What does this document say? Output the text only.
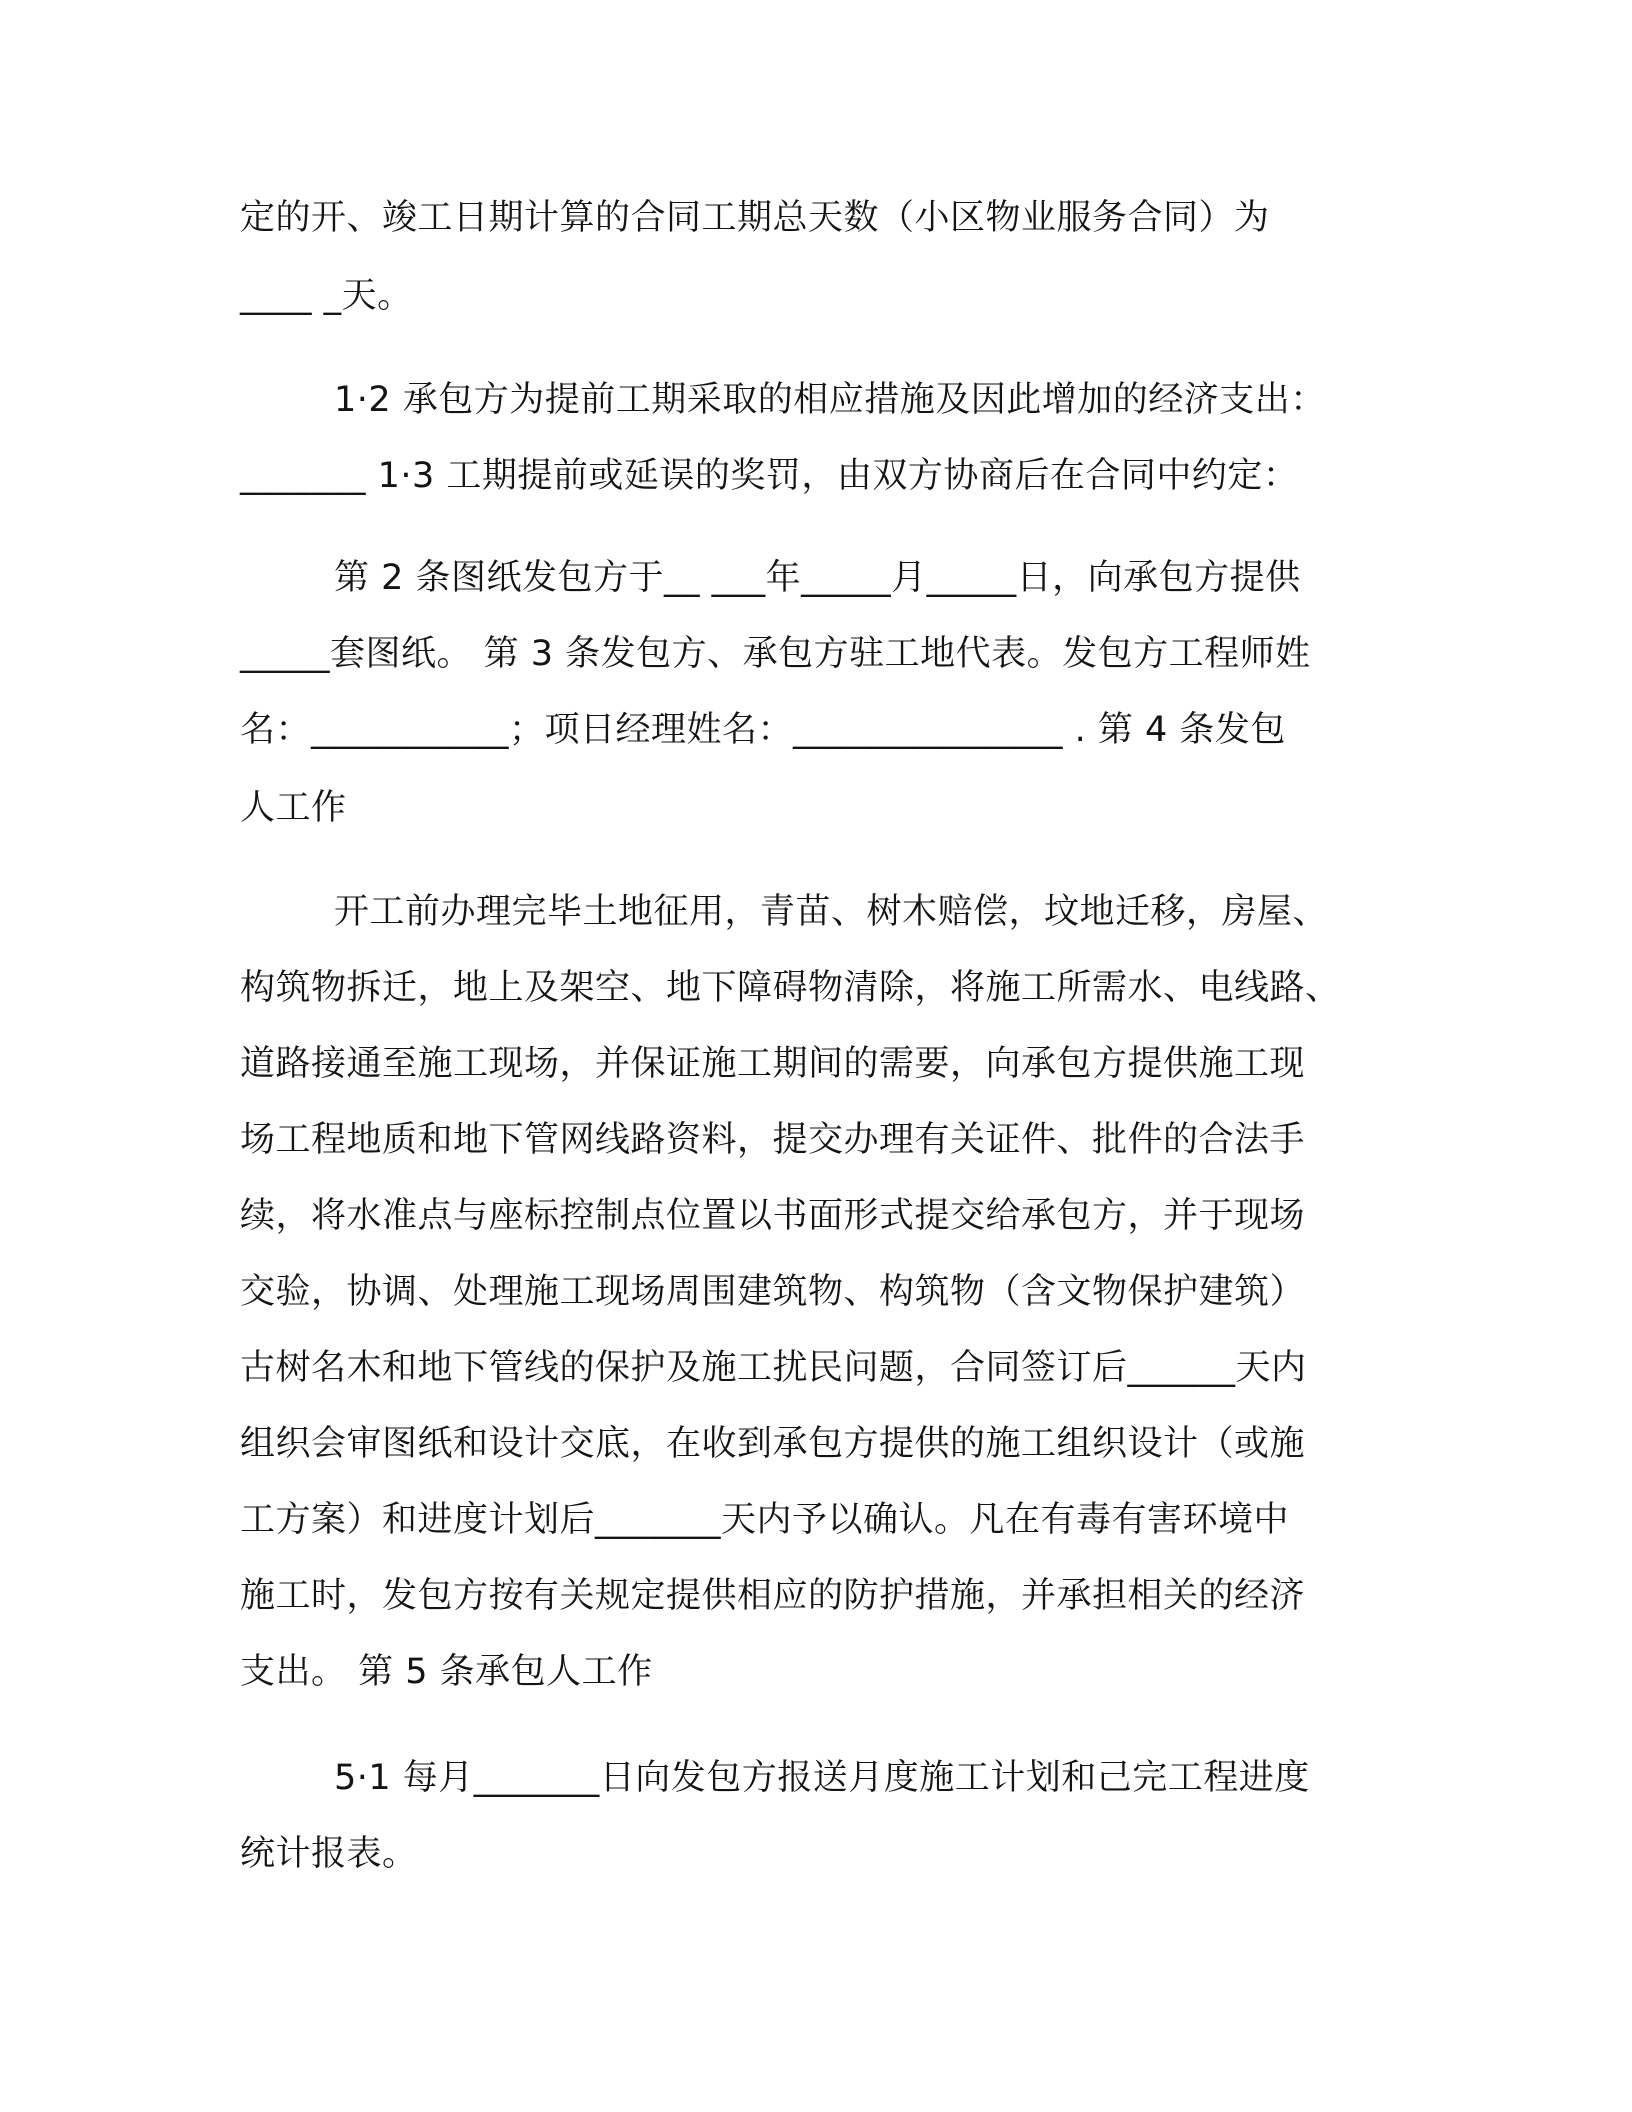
定的开、竣工日期计算的合同工期总天数（小区物业服务合同）为
____ _天。
1·2 承包方为提前工期采取的相应措施及因此增加的经济支出：
_______ 1·3 工期提前或延误的奖罚，由双方协商后在合同中约定：
第 2 条图纸发包方于__ ___年_____月_____日，向承包方提供
_____套图纸。 第 3 条发包方、承包方驻工地代表。发包方工程师姓
名：___________；项日经理姓名：_______________ . 第 4 条发包
人工作
开工前办理完毕土地征用，青苗、树木赔偿，坟地迁移，房屋、
构筑物拆迁，地上及架空、地下障碍物清除，将施工所需水、电线路、
道路接通至施工现场，并保证施工期间的需要，向承包方提供施工现
场工程地质和地下管网线路资料，提交办理有关证件、批件的合法手
续，将水准点与座标控制点位置以书面形式提交给承包方，并于现场
交验，协调、处理施工现场周围建筑物、构筑物（含文物保护建筑）
古树名木和地下管线的保护及施工扰民问题，合同签订后______天内
组织会审图纸和设计交底，在收到承包方提供的施工组织设计（或施
工方案）和进度计划后_______天内予以确认。凡在有毒有害环境中
施工时，发包方按有关规定提供相应的防护措施，并承担相关的经济
支出。 第 5 条承包人工作
5·1 每月_______日向发包方报送月度施工计划和己完工程进度
统计报表。
